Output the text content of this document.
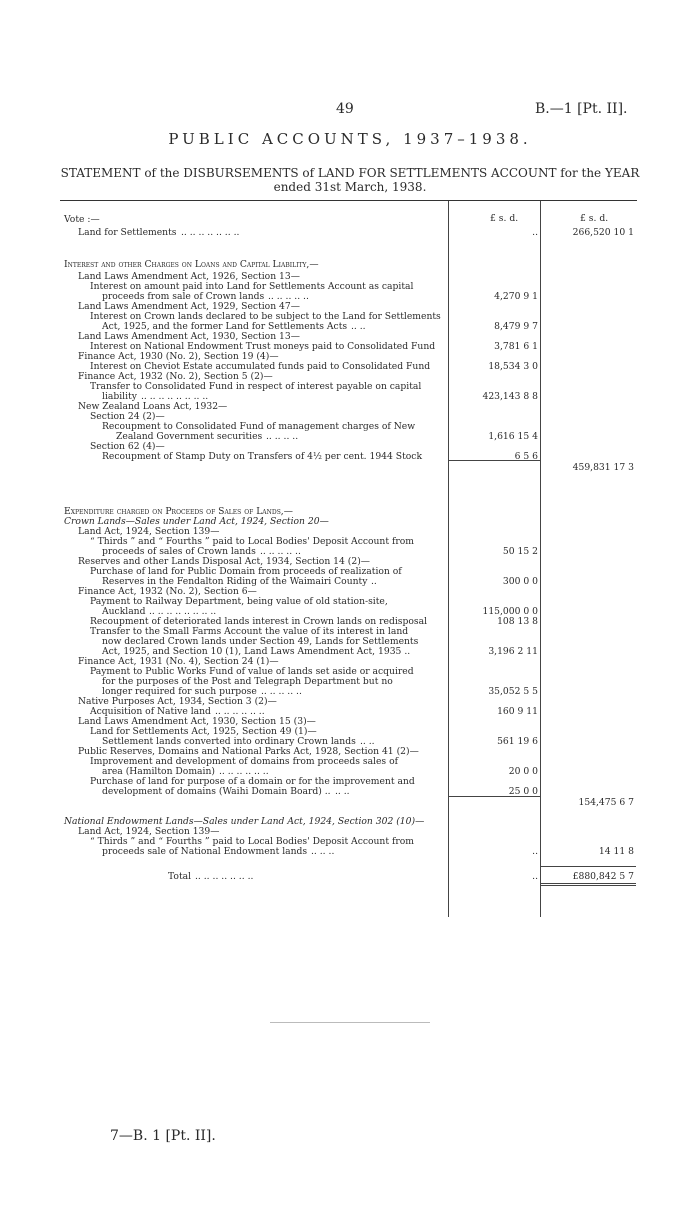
49	B.—1 [Pt. II].
PUBLIC ACCOUNTS, 1937–1938.
STATEMENT of the DISBURSEMENTS of LAND FOR SETTLEMENTS ACCOUNT for the YEAR ended 31st March, 1938.
£ s. d.	£ s. d.
Vote :—
Land for Settlements .. .. .. .. .. .. ..	..	266,520 10 1
Interest and other Charges on Loans and Capital Liability,—
Land Laws Amendment Act, 1926, Section 13—
Interest on amount paid into Land for Settlements Account as capital
proceeds from sale of Crown lands .. .. .. .. ..	4,270 9 1
Land Laws Amendment Act, 1929, Section 47—
Interest on Crown lands declared to be subject to the Land for Settlements
Act, 1925, and the former Land for Settlements Acts .. ..	8,479 9 7
Land Laws Amendment Act, 1930, Section 13—
Interest on National Endowment Trust moneys paid to Consolidated Fund	3,781 6 1
Finance Act, 1930 (No. 2), Section 19 (4)—
Interest on Cheviot Estate accumulated funds paid to Consolidated Fund	18,534 3 0
Finance Act, 1932 (No. 2), Section 5 (2)—
Transfer to Consolidated Fund in respect of interest payable on capital
liability .. .. .. .. .. .. .. ..	423,143 8 8
New Zealand Loans Act, 1932—
Section 24 (2)—
Recoupment to Consolidated Fund of management charges of New
Zealand Government securities .. .. .. ..	1,616 15 4
Section 62 (4)—
Recoupment of Stamp Duty on Transfers of 4½ per cent. 1944 Stock	6 5 6
459,831 17 3
Expenditure charged on Proceeds of Sales of Lands,—
Crown Lands—Sales under Land Act, 1924, Section 20—
Land Act, 1924, Section 139—
“ Thirds ” and “ Fourths ” paid to Local Bodies' Deposit Account from
proceeds of sales of Crown lands .. .. .. .. ..	50 15 2
Reserves and other Lands Disposal Act, 1934, Section 14 (2)—
Purchase of land for Public Domain from proceeds of realization of
Reserves in the Fendalton Riding of the Waimairi County ..	300 0 0
Finance Act, 1932 (No. 2), Section 6—
Payment to Railway Department, being value of old station-site,
Auckland .. .. .. .. .. .. .. ..	115,000 0 0
Recoupment of deteriorated lands interest in Crown lands on redisposal	108 13 8
Transfer to the Small Farms Account the value of its interest in land
now declared Crown lands under Section 49, Lands for Settlements
Act, 1925, and Section 10 (1), Land Laws Amendment Act, 1935 ..	3,196 2 11
Finance Act, 1931 (No. 4), Section 24 (1)—
Payment to Public Works Fund of value of lands set aside or acquired
for the purposes of the Post and Telegraph Department but no
longer required for such purpose .. .. .. .. ..	35,052 5 5
Native Purposes Act, 1934, Section 3 (2)—
Acquisition of Native land .. .. .. .. .. ..	160 9 11
Land Laws Amendment Act, 1930, Section 15 (3)—
Land for Settlements Act, 1925, Section 49 (1)—
Settlement lands converted into ordinary Crown lands .. ..	561 19 6
Public Reserves, Domains and National Parks Act, 1928, Section 41 (2)—
Improvement and development of domains from proceeds sales of
area (Hamilton Domain) .. .. .. .. .. ..	20 0 0
Purchase of land for purpose of a domain or for the improvement and
development of domains (Waihi Domain Board) .. .. ..	25 0 0
154,475 6 7
National Endowment Lands—Sales under Land Act, 1924, Section 302 (10)—
Land Act, 1924, Section 139—
“ Thirds ” and “ Fourths ” paid to Local Bodies' Deposit Account from
proceeds sale of National Endowment lands .. .. ..	..	14 11 8
Total .. .. .. .. .. .. ..	..	£880,842 5 7
7—B. 1 [Pt. II].
